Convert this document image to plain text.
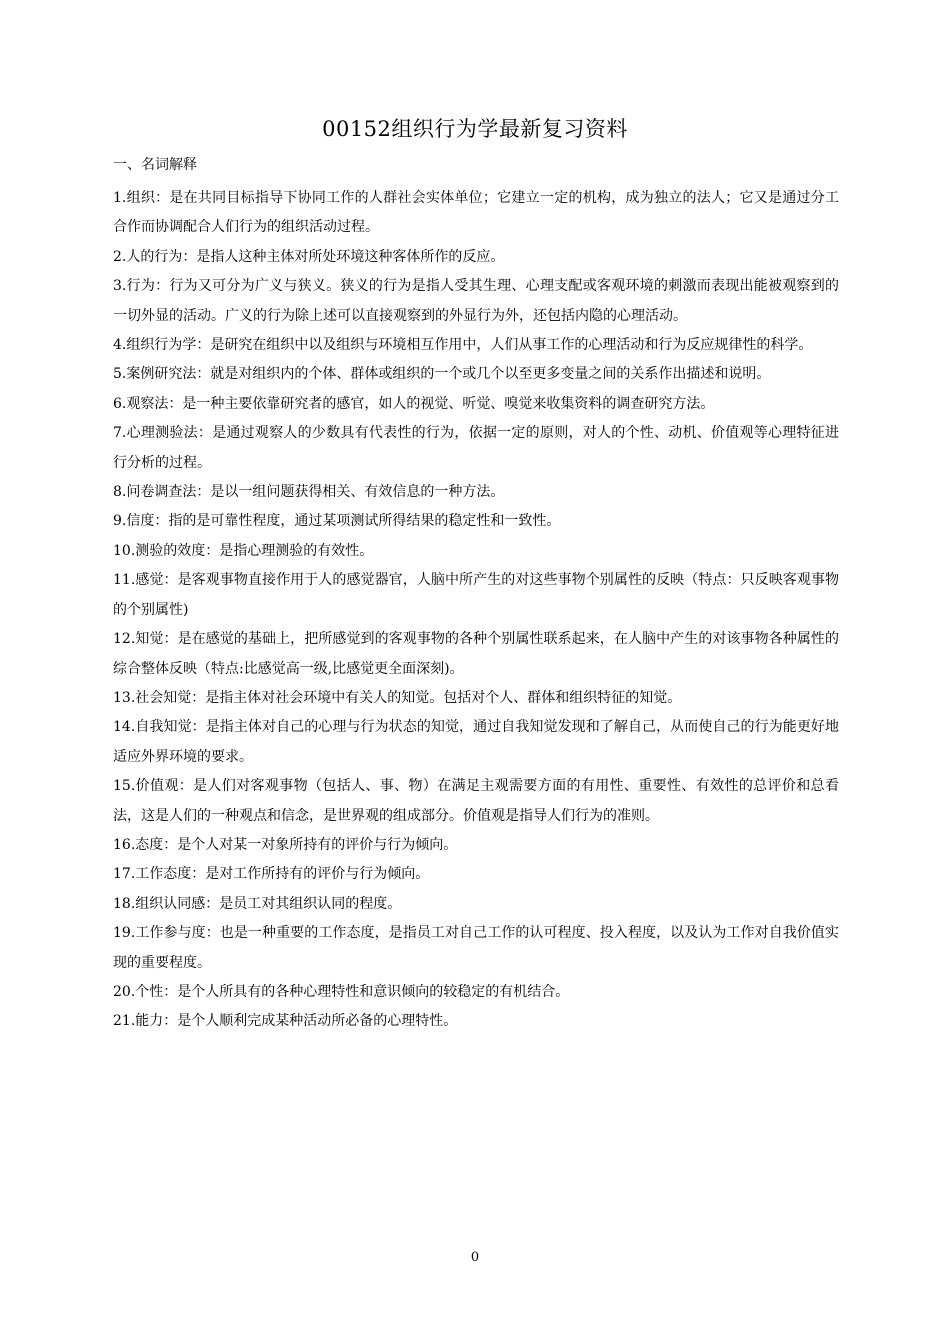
00152组织行为学最新复习资料
一、名词解释
1.组织：是在共同目标指导下协同工作的人群社会实体单位；它建立一定的机构，成为独立的法人；它又是通过分工合作而协调配合人们行为的组织活动过程。
2.人的行为：是指人这种主体对所处环境这种客体所作的反应。
3.行为：行为又可分为广义与狭义。狭义的行为是指人受其生理、心理支配或客观环境的刺激而表现出能被观察到的一切外显的活动。广义的行为除上述可以直接观察到的外显行为外，还包括内隐的心理活动。
4.组织行为学：是研究在组织中以及组织与环境相互作用中，人们从事工作的心理活动和行为反应规律性的科学。
5.案例研究法：就是对组织内的个体、群体或组织的一个或几个以至更多变量之间的关系作出描述和说明。
6.观察法：是一种主要依靠研究者的感官，如人的视觉、听觉、嗅觉来收集资料的调查研究方法。
7.心理测验法：是通过观察人的少数具有代表性的行为，依据一定的原则，对人的个性、动机、价值观等心理特征进行分析的过程。
8.问卷调查法：是以一组问题获得相关、有效信息的一种方法。
9.信度：指的是可靠性程度，通过某项测试所得结果的稳定性和一致性。
10.测验的效度：是指心理测验的有效性。
11.感觉：是客观事物直接作用于人的感觉器官，人脑中所产生的对这些事物个别属性的反映（特点：只反映客观事物的个别属性)
12.知觉：是在感觉的基础上，把所感觉到的客观事物的各种个别属性联系起来，在人脑中产生的对该事物各种属性的综合整体反映（特点:比感觉高一级,比感觉更全面深刻)。
13.社会知觉：是指主体对社会环境中有关人的知觉。包括对个人、群体和组织特征的知觉。
14.自我知觉：是指主体对自己的心理与行为状态的知觉，通过自我知觉发现和了解自己，从而使自己的行为能更好地适应外界环境的要求。
15.价值观：是人们对客观事物（包括人、事、物）在满足主观需要方面的有用性、重要性、有效性的总评价和总看法，这是人们的一种观点和信念，是世界观的组成部分。价值观是指导人们行为的准则。
16.态度：是个人对某一对象所持有的评价与行为倾向。
17.工作态度：是对工作所持有的评价与行为倾向。
18.组织认同感：是员工对其组织认同的程度。
19.工作参与度：也是一种重要的工作态度，是指员工对自己工作的认可程度、投入程度，以及认为工作对自我价值实现的重要程度。
20.个性：是个人所具有的各种心理特性和意识倾向的较稳定的有机结合。
21.能力：是个人顺利完成某种活动所必备的心理特性。
0
